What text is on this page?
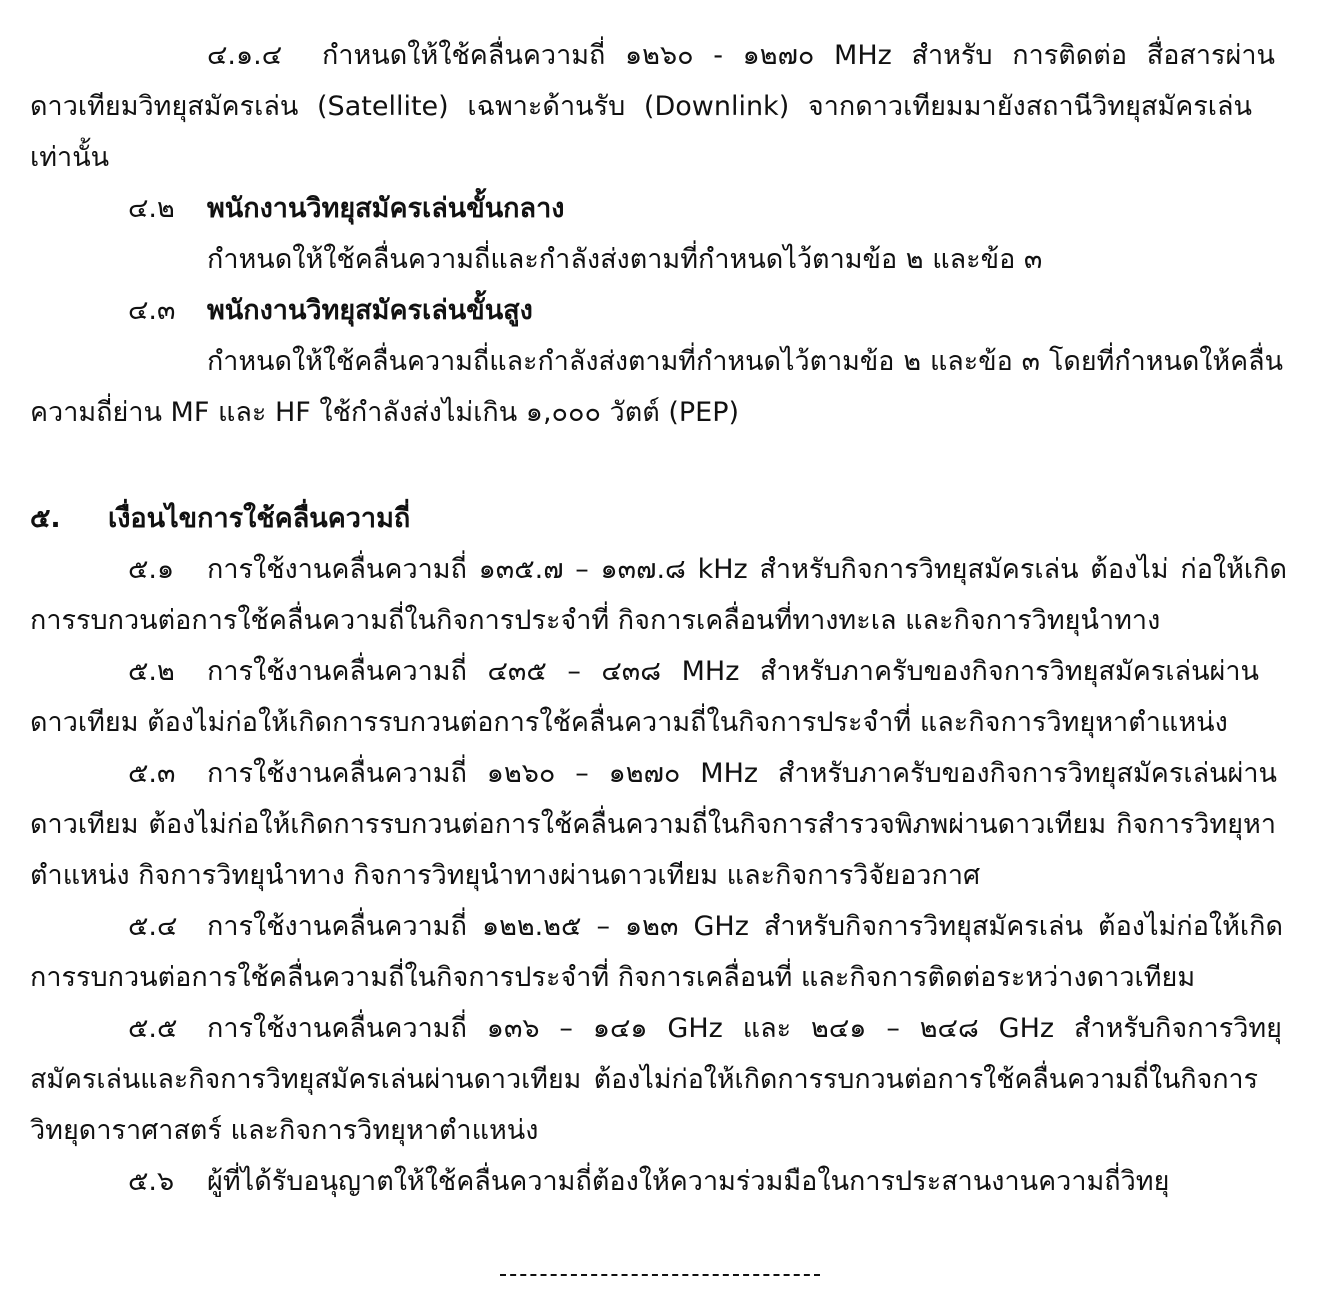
๔.๑.๔ กำหนดให้ใช้คลื่นความถี่ ๑๒๖๐ - ๑๒๗๐ MHz สำหรับ การติดต่อ สื่อสารผ่าน
ดาวเทียมวิทยุสมัครเล่น (Satellite) เฉพาะด้านรับ (Downlink) จากดาวเทียมมายังสถานีวิทยุสมัครเล่น
เท่านั้น
๔.๒ พนักงานวิทยุสมัครเล่นขั้นกลาง
กำหนดให้ใช้คลื่นความถี่และกำลังส่งตามที่กำหนดไว้ตามข้อ ๒ และข้อ ๓
๔.๓ พนักงานวิทยุสมัครเล่นขั้นสูง
กำหนดให้ใช้คลื่นความถี่และกำลังส่งตามที่กำหนดไว้ตามข้อ ๒ และข้อ ๓ โดยที่กำหนดให้คลื่น
ความถี่ย่าน MF และ HF ใช้กำลังส่งไม่เกิน ๑,๐๐๐ วัตต์ (PEP)
๕. เงื่อนไขการใช้คลื่นความถี่
๕.๑ การใช้งานคลื่นความถี่ ๑๓๕.๗ – ๑๓๗.๘ kHz สำหรับกิจการวิทยุสมัครเล่น ต้องไม่ ก่อให้เกิด
การรบกวนต่อการใช้คลื่นความถี่ในกิจการประจำที่ กิจการเคลื่อนที่ทางทะเล และกิจการวิทยุนำทาง
๕.๒ การใช้งานคลื่นความถี่ ๔๓๕ – ๔๓๘ MHz สำหรับภาครับของกิจการวิทยุสมัครเล่นผ่าน
ดาวเทียม ต้องไม่ก่อให้เกิดการรบกวนต่อการใช้คลื่นความถี่ในกิจการประจำที่ และกิจการวิทยุหาตำแหน่ง
๕.๓ การใช้งานคลื่นความถี่ ๑๒๖๐ – ๑๒๗๐ MHz สำหรับภาครับของกิจการวิทยุสมัครเล่นผ่าน
ดาวเทียม ต้องไม่ก่อให้เกิดการรบกวนต่อการใช้คลื่นความถี่ในกิจการสำรวจพิภพผ่านดาวเทียม กิจการวิทยุหา
ตำแหน่ง กิจการวิทยุนำทาง กิจการวิทยุนำทางผ่านดาวเทียม และกิจการวิจัยอวกาศ
๕.๔ การใช้งานคลื่นความถี่ ๑๒๒.๒๕ – ๑๒๓ GHz สำหรับกิจการวิทยุสมัครเล่น ต้องไม่ก่อให้เกิด
การรบกวนต่อการใช้คลื่นความถี่ในกิจการประจำที่ กิจการเคลื่อนที่ และกิจการติดต่อระหว่างดาวเทียม
๕.๕ การใช้งานคลื่นความถี่ ๑๓๖ – ๑๔๑ GHz และ ๒๔๑ – ๒๔๘ GHz สำหรับกิจการวิทยุ
สมัครเล่นและกิจการวิทยุสมัครเล่นผ่านดาวเทียม ต้องไม่ก่อให้เกิดการรบกวนต่อการใช้คลื่นความถี่ในกิจการ
วิทยุดาราศาสตร์ และกิจการวิทยุหาตำแหน่ง
๕.๖ ผู้ที่ได้รับอนุญาตให้ใช้คลื่นความถี่ต้องให้ความร่วมมือในการประสานงานความถี่วิทยุ
